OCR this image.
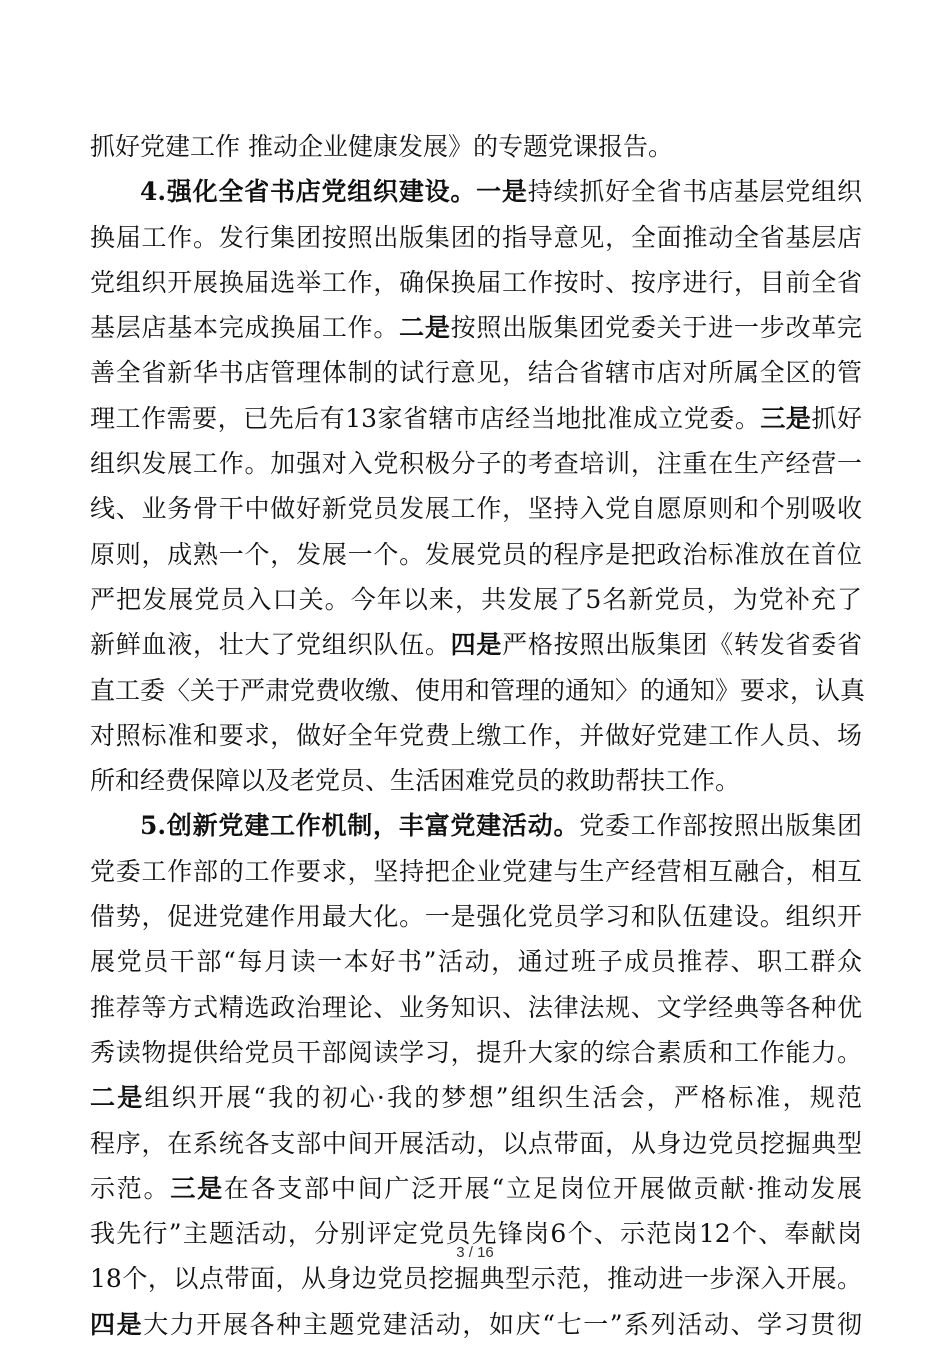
抓好党建工作 推动企业健康发展》的专题党课报告。
4.强化全省书店党组织建设。一是持续抓好全省书店基层党组织
换届工作。发行集团按照出版集团的指导意见，全面推动全省基层店
党组织开展换届选举工作，确保换届工作按时、按序进行，目前全省
基层店基本完成换届工作。二是按照出版集团党委关于进一步改革完
善全省新华书店管理体制的试行意见，结合省辖市店对所属全区的管
理工作需要，已先后有13家省辖市店经当地批准成立党委。三是抓好
组织发展工作。加强对入党积极分子的考查培训，注重在生产经营一
线、业务骨干中做好新党员发展工作，坚持入党自愿原则和个别吸收
原则，成熟一个，发展一个。发展党员的程序是把政治标准放在首位
严把发展党员入口关。今年以来，共发展了5名新党员，为党补充了
新鲜血液，壮大了党组织队伍。四是严格按照出版集团《转发省委省
直工委〈关于严肃党费收缴、使用和管理的通知〉的通知》要求，认真
对照标准和要求，做好全年党费上缴工作，并做好党建工作人员、场
所和经费保障以及老党员、生活困难党员的救助帮扶工作。
5.创新党建工作机制，丰富党建活动。党委工作部按照出版集团
党委工作部的工作要求，坚持把企业党建与生产经营相互融合，相互
借势，促进党建作用最大化。一是强化党员学习和队伍建设。组织开
展党员干部“每月读一本好书”活动，通过班子成员推荐、职工群众
推荐等方式精选政治理论、业务知识、法律法规、文学经典等各种优
秀读物提供给党员干部阅读学习，提升大家的综合素质和工作能力。
二是组织开展“我的初心·我的梦想”组织生活会，严格标准，规范
程序，在系统各支部中间开展活动，以点带面，从身边党员挖掘典型
示范。三是在各支部中间广泛开展“立足岗位开展做贡献·推动发展
我先行”主题活动，分别评定党员先锋岗6个、示范岗12个、奉献岗
18个，以点带面，从身边党员挖掘典型示范，推动进一步深入开展。
四是大力开展各种主题党建活动，如庆“七一”系列活动、学习贯彻
3 / 16
